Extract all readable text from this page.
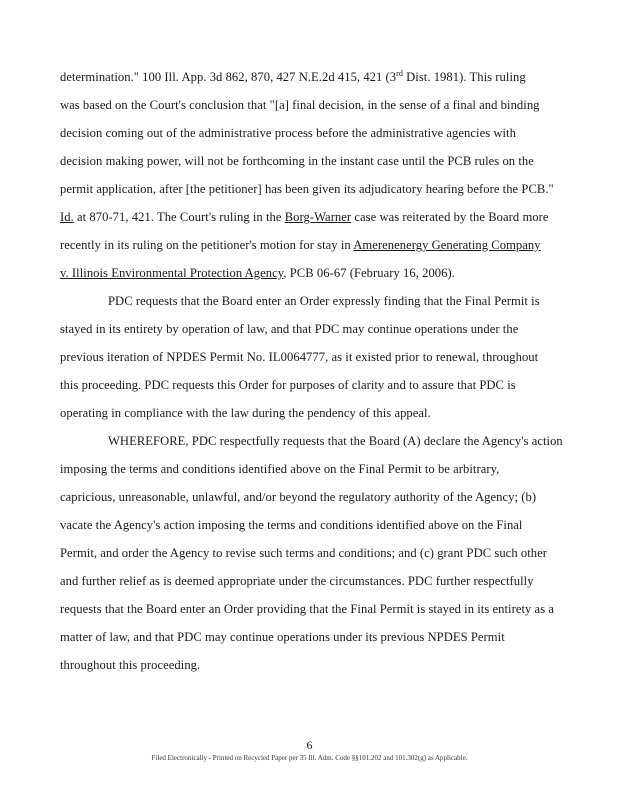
determination." 100 Ill. App. 3d 862, 870, 427 N.E.2d 415, 421 (3rd Dist. 1981). This ruling
was based on the Court's conclusion that "[a] final decision, in the sense of a final and binding
decision coming out of the administrative process before the administrative agencies with
decision making power, will not be forthcoming in the instant case until the PCB rules on the
permit application, after [the petitioner] has been given its adjudicatory hearing before the PCB."
Id. at 870-71, 421. The Court's ruling in the Borg-Warner case was reiterated by the Board more
recently in its ruling on the petitioner's motion for stay in Amerenenergy Generating Company
v. Illinois Environmental Protection Agency, PCB 06-67 (February 16, 2006).
PDC requests that the Board enter an Order expressly finding that the Final Permit is
stayed in its entirety by operation of law, and that PDC may continue operations under the
previous iteration of NPDES Permit No. IL0064777, as it existed prior to renewal, throughout
this proceeding. PDC requests this Order for purposes of clarity and to assure that PDC is
operating in compliance with the law during the pendency of this appeal.
WHEREFORE, PDC respectfully requests that the Board (A) declare the Agency's action
imposing the terms and conditions identified above on the Final Permit to be arbitrary,
capricious, unreasonable, unlawful, and/or beyond the regulatory authority of the Agency; (b)
vacate the Agency's action imposing the terms and conditions identified above on the Final
Permit, and order the Agency to revise such terms and conditions; and (c) grant PDC such other
and further relief as is deemed appropriate under the circumstances. PDC further respectfully
requests that the Board enter an Order providing that the Final Permit is stayed in its entirety as a
matter of law, and that PDC may continue operations under its previous NPDES Permit
throughout this proceeding.
6
Filed Electronically - Printed on Recycled Paper per 35 Ill. Adm. Code §§101.202 and 101.302(g) as Applicable.
